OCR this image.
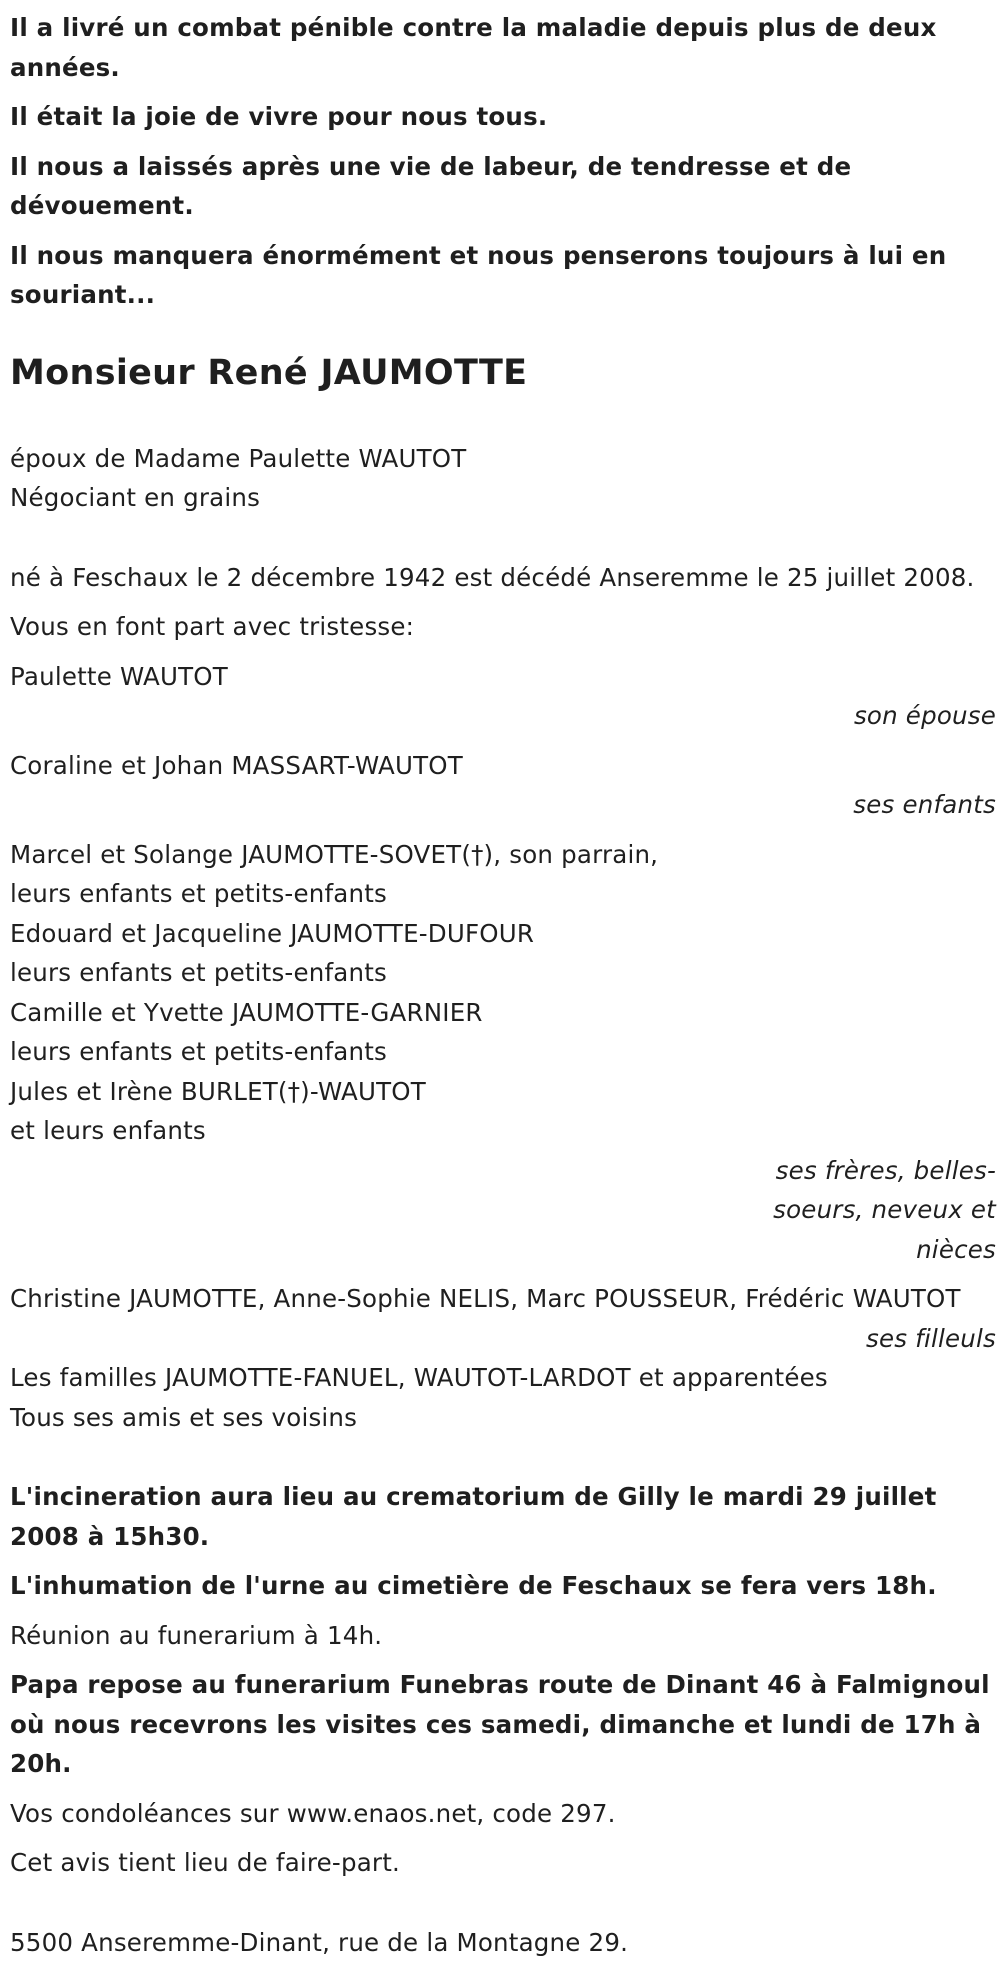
Il a livré un combat pénible contre la maladie depuis plus de deux années.

Il était la joie de vivre pour nous tous.

Il nous a laissés après une vie de labeur, de tendresse et de dévouement.

Il nous manquera énormément et nous penserons toujours à lui en souriant...

Monsieur René JAUMOTTE
époux de Madame Paulette WAUTOT
Négociant en grains

né à Feschaux le 2 décembre 1942 est décédé Anseremme le 25 juillet 2008.

Vous en font part avec tristesse:

Paulette WAUTOT
son épouse
Coraline et Johan MASSART-WAUTOT
ses enfants
Marcel et Solange JAUMOTTE-SOVET(†), son parrain,
leurs enfants et petits-enfants
Edouard et Jacqueline JAUMOTTE-DUFOUR
leurs enfants et petits-enfants
Camille et Yvette JAUMOTTE-GARNIER
leurs enfants et petits-enfants
Jules et Irène BURLET(†)-WAUTOT
et leurs enfants
ses frères, belles-soeurs, neveux et nièces
Christine JAUMOTTE, Anne-Sophie NELIS, Marc POUSSEUR, Frédéric WAUTOT
ses filleuls
Les familles JAUMOTTE-FANUEL, WAUTOT-LARDOT et apparentées
Tous ses amis et ses voisins

L'incineration aura lieu au crematorium de Gilly le mardi 29 juillet 2008 à 15h30.

L'inhumation de l'urne au cimetière de Feschaux se fera vers 18h.

Réunion au funerarium à 14h.

Papa repose au funerarium Funebras route de Dinant 46 à Falmignoul où nous recevrons les visites ces samedi, dimanche et lundi de 17h à 20h.

Vos condoléances sur www.enaos.net, code 297.

Cet avis tient lieu de faire-part.

5500 Anseremme-Dinant, rue de la Montagne 29.
